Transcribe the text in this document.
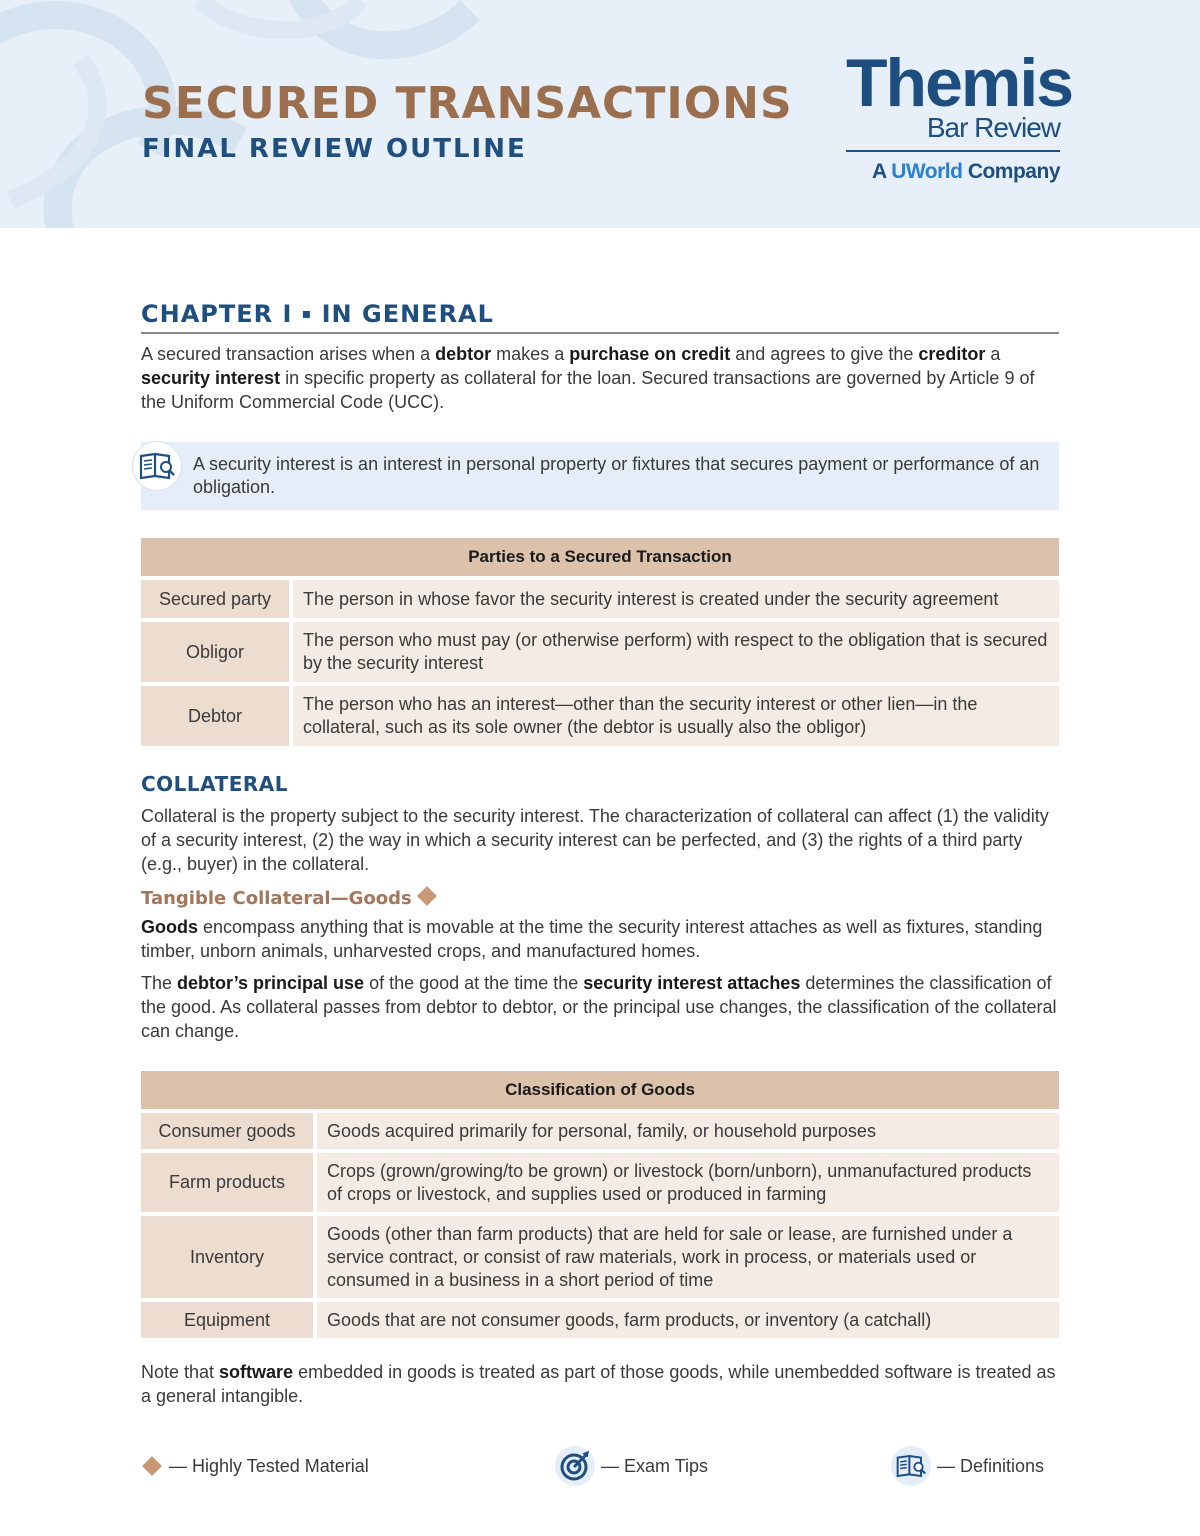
SECURED TRANSACTIONS
FINAL REVIEW OUTLINE
Themis
Bar Review
A UWorld Company
CHAPTER I ▪ IN GENERAL

A secured transaction arises when a debtor makes a purchase on credit and agrees to give the creditor a security interest in specific property as collateral for the loan. Secured transactions are governed by Article 9 of the Uniform Commercial Code (UCC).

A security interest is an interest in personal property or fixtures that secures payment or performance of an obligation.
Parties to a Secured Transaction	
Secured party	The person in whose favor the security interest is created under the security agreement
Obligor	The person who must pay (or otherwise perform) with respect to the obligation that is secured by the security interest
Debtor	The person who has an interest—other than the security interest or other lien—in the collateral, such as its sole owner (the debtor is usually also the obligor)
COLLATERAL

Collateral is the property subject to the security interest. The characterization of collateral can affect (1) the validity of a security interest, (2) the way in which a security interest can be perfected, and (3) the rights of a third party (e.g., buyer) in the collateral.

Tangible Collateral—Goods

Goods encompass anything that is movable at the time the security interest attaches as well as fixtures, standing timber, unborn animals, unharvested crops, and manufactured homes.

The debtor’s principal use of the good at the time the security interest attaches determines the classification of the good. As collateral passes from debtor to debtor, or the principal use changes, the classification of the collateral can change.

Classification of Goods	
Consumer goods	Goods acquired primarily for personal, family, or household purposes
Farm products	Crops (grown/growing/to be grown) or livestock (born/unborn), unmanufactured products of crops or livestock, and supplies used or produced in farming
Inventory	Goods (other than farm products) that are held for sale or lease, are furnished under a service contract, or consist of raw materials, work in process, or materials used or consumed in a business in a short period of time
Equipment	Goods that are not consumer goods, farm products, or inventory (a catchall)

Note that software embedded in goods is treated as part of those goods, while unembedded software is treated as a general intangible.

— Highly Tested Material	— Exam Tips	— Definitions
